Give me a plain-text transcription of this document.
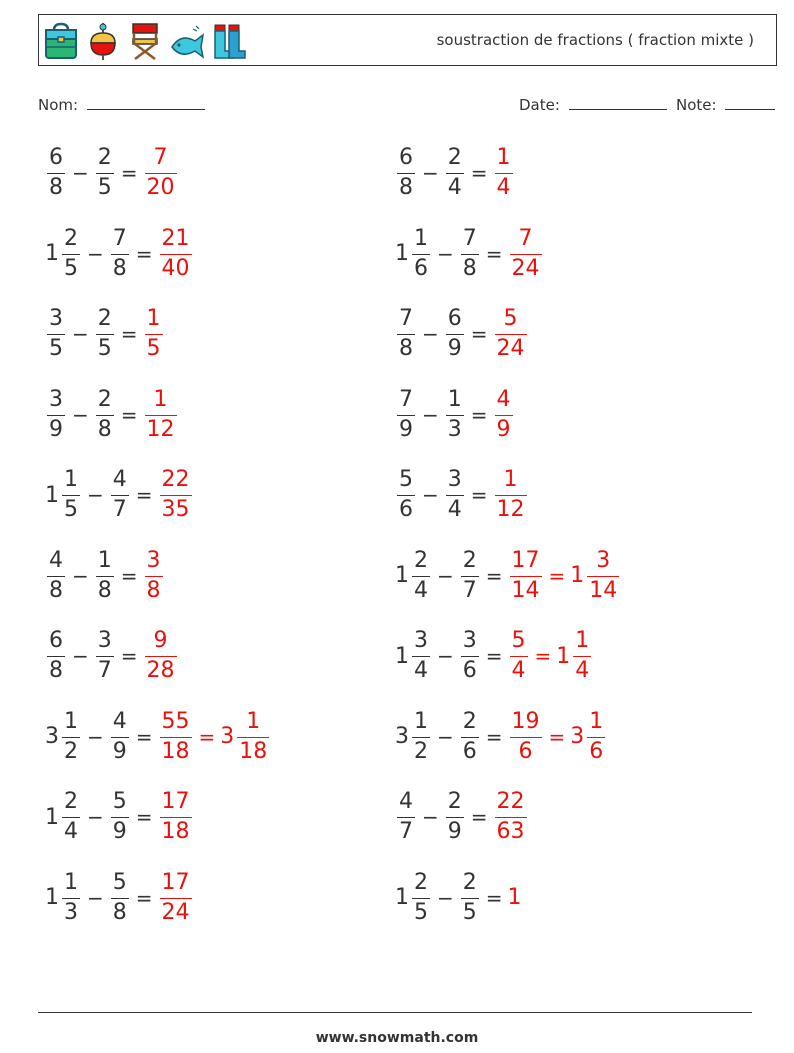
soustraction de fractions ( fraction mixte )
Nom:	Date:	Note:
$\frac{6}{8} - \frac{2}{5} = \frac{7}{20}$	$\frac{6}{8} - \frac{2}{4} = \frac{1}{4}$
$1 \frac{2}{5} - \frac{7}{8} = \frac{21}{40}$	$1 \frac{1}{6} - \frac{7}{8} = \frac{7}{24}$
$\frac{3}{5} - \frac{2}{5} = \frac{1}{5}$	$\frac{7}{8} - \frac{6}{9} = \frac{5}{24}$
$\frac{3}{9} - \frac{2}{8} = \frac{1}{12}$	$\frac{7}{9} - \frac{1}{3} = \frac{4}{9}$
$1 \frac{1}{5} - \frac{4}{7} = \frac{22}{35}$	$\frac{5}{6} - \frac{3}{4} = \frac{1}{12}$
$\frac{4}{8} - \frac{1}{8} = \frac{3}{8}$	$1 \frac{2}{4} - \frac{2}{7} = \frac{17}{14} = 1 \frac{3}{14}$
$\frac{6}{8} - \frac{3}{7} = \frac{9}{28}$	$1 \frac{3}{4} - \frac{3}{6} = \frac{5}{4} = 1 \frac{1}{4}$
$3 \frac{1}{2} - \frac{4}{9} = \frac{55}{18} = 3 \frac{1}{18}$	$3 \frac{1}{2} - \frac{2}{6} = \frac{19}{6} = 3 \frac{1}{6}$
$1 \frac{2}{4} - \frac{5}{9} = \frac{17}{18}$	$\frac{4}{7} - \frac{2}{9} = \frac{22}{63}$
$1 \frac{1}{3} - \frac{5}{8} = \frac{17}{24}$	$1 \frac{2}{5} - \frac{2}{5} = 1$
www.snowmath.com
